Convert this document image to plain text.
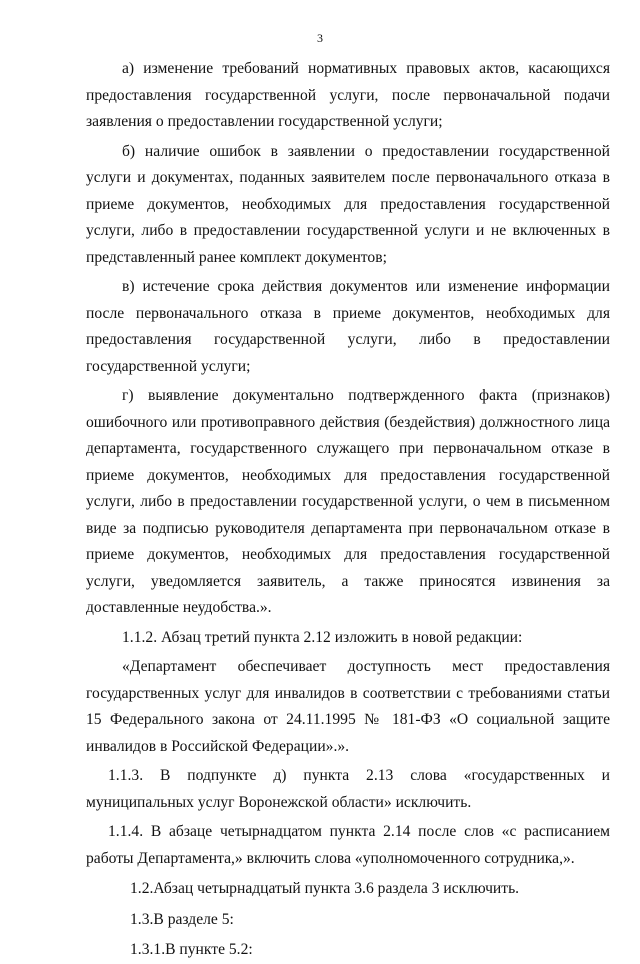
3

а) изменение требований нормативных правовых актов, касающихся предоставления государственной услуги, после первоначальной подачи заявления о предоставлении государственной услуги;

б) наличие ошибок в заявлении о предоставлении государственной услуги и документах, поданных заявителем после первоначального отказа в приеме документов, необходимых для предоставления государственной услуги, либо в предоставлении государственной услуги и не включенных в представленный ранее комплект документов;

в) истечение срока действия документов или изменение информации после первоначального отказа в приеме документов, необходимых для предоставления государственной услуги, либо в предоставлении государственной услуги;

г) выявление документально подтвержденного факта (признаков) ошибочного или противоправного действия (бездействия) должностного лица департамента, государственного служащего при первоначальном отказе в приеме документов, необходимых для предоставления государственной услуги, либо в предоставлении государственной услуги, о чем в письменном виде за подписью руководителя департамента при первоначальном отказе в приеме документов, необходимых для предоставления государственной услуги, уведомляется заявитель, а также приносятся извинения за доставленные неудобства.».

1.1.2. Абзац третий пункта 2.12 изложить в новой редакции:

«Департамент обеспечивает доступность мест предоставления государственных услуг для инвалидов в соответствии с требованиями статьи 15 Федерального закона от 24.11.1995 № 181-ФЗ «О социальной защите инвалидов в Российской Федерации».».

1.1.3. В подпункте д) пункта 2.13 слова «государственных и муниципальных услуг Воронежской области» исключить.

1.1.4. В абзаце четырнадцатом пункта 2.14 после слов «с расписанием работы Департамента,» включить слова «уполномоченного сотрудника,».

1.2.Абзац четырнадцатый пункта 3.6 раздела 3 исключить.

1.3.В разделе 5:

1.3.1.В пункте 5.2:
